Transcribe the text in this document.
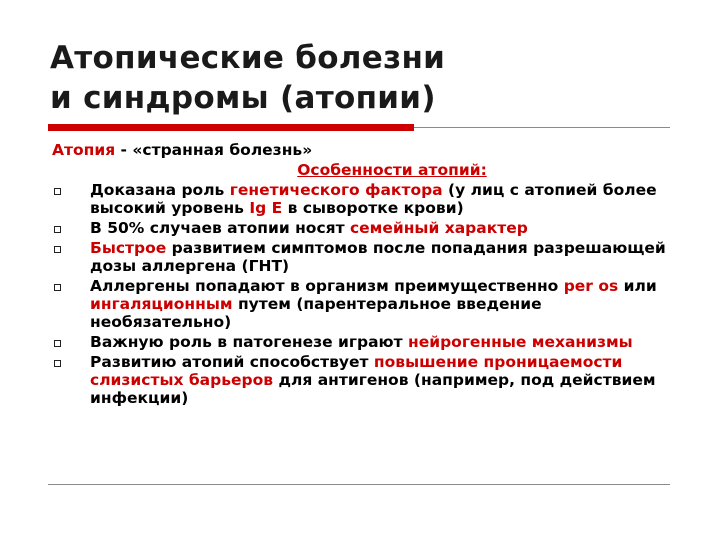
Атопические болезни
и синдромы (атопии)

Атопия - «странная болезнь»

Особенности атопий:

Доказана роль генетического фактора (у лиц с атопией более высокий уровень Ig E в сыворотке крови)
В 50% случаев атопии носят семейный характер
Быстрое развитием симптомов после попадания разрешающей дозы аллергена (ГНТ)
Аллергены попадают в организм преимущественно per os или ингаляционным путем (парентеральное введение необязательно)
Важную роль в патогенезе играют нейрогенные механизмы
Развитию атопий способствует повышение проницаемости слизистых барьеров для антигенов (например, под действием инфекции)
